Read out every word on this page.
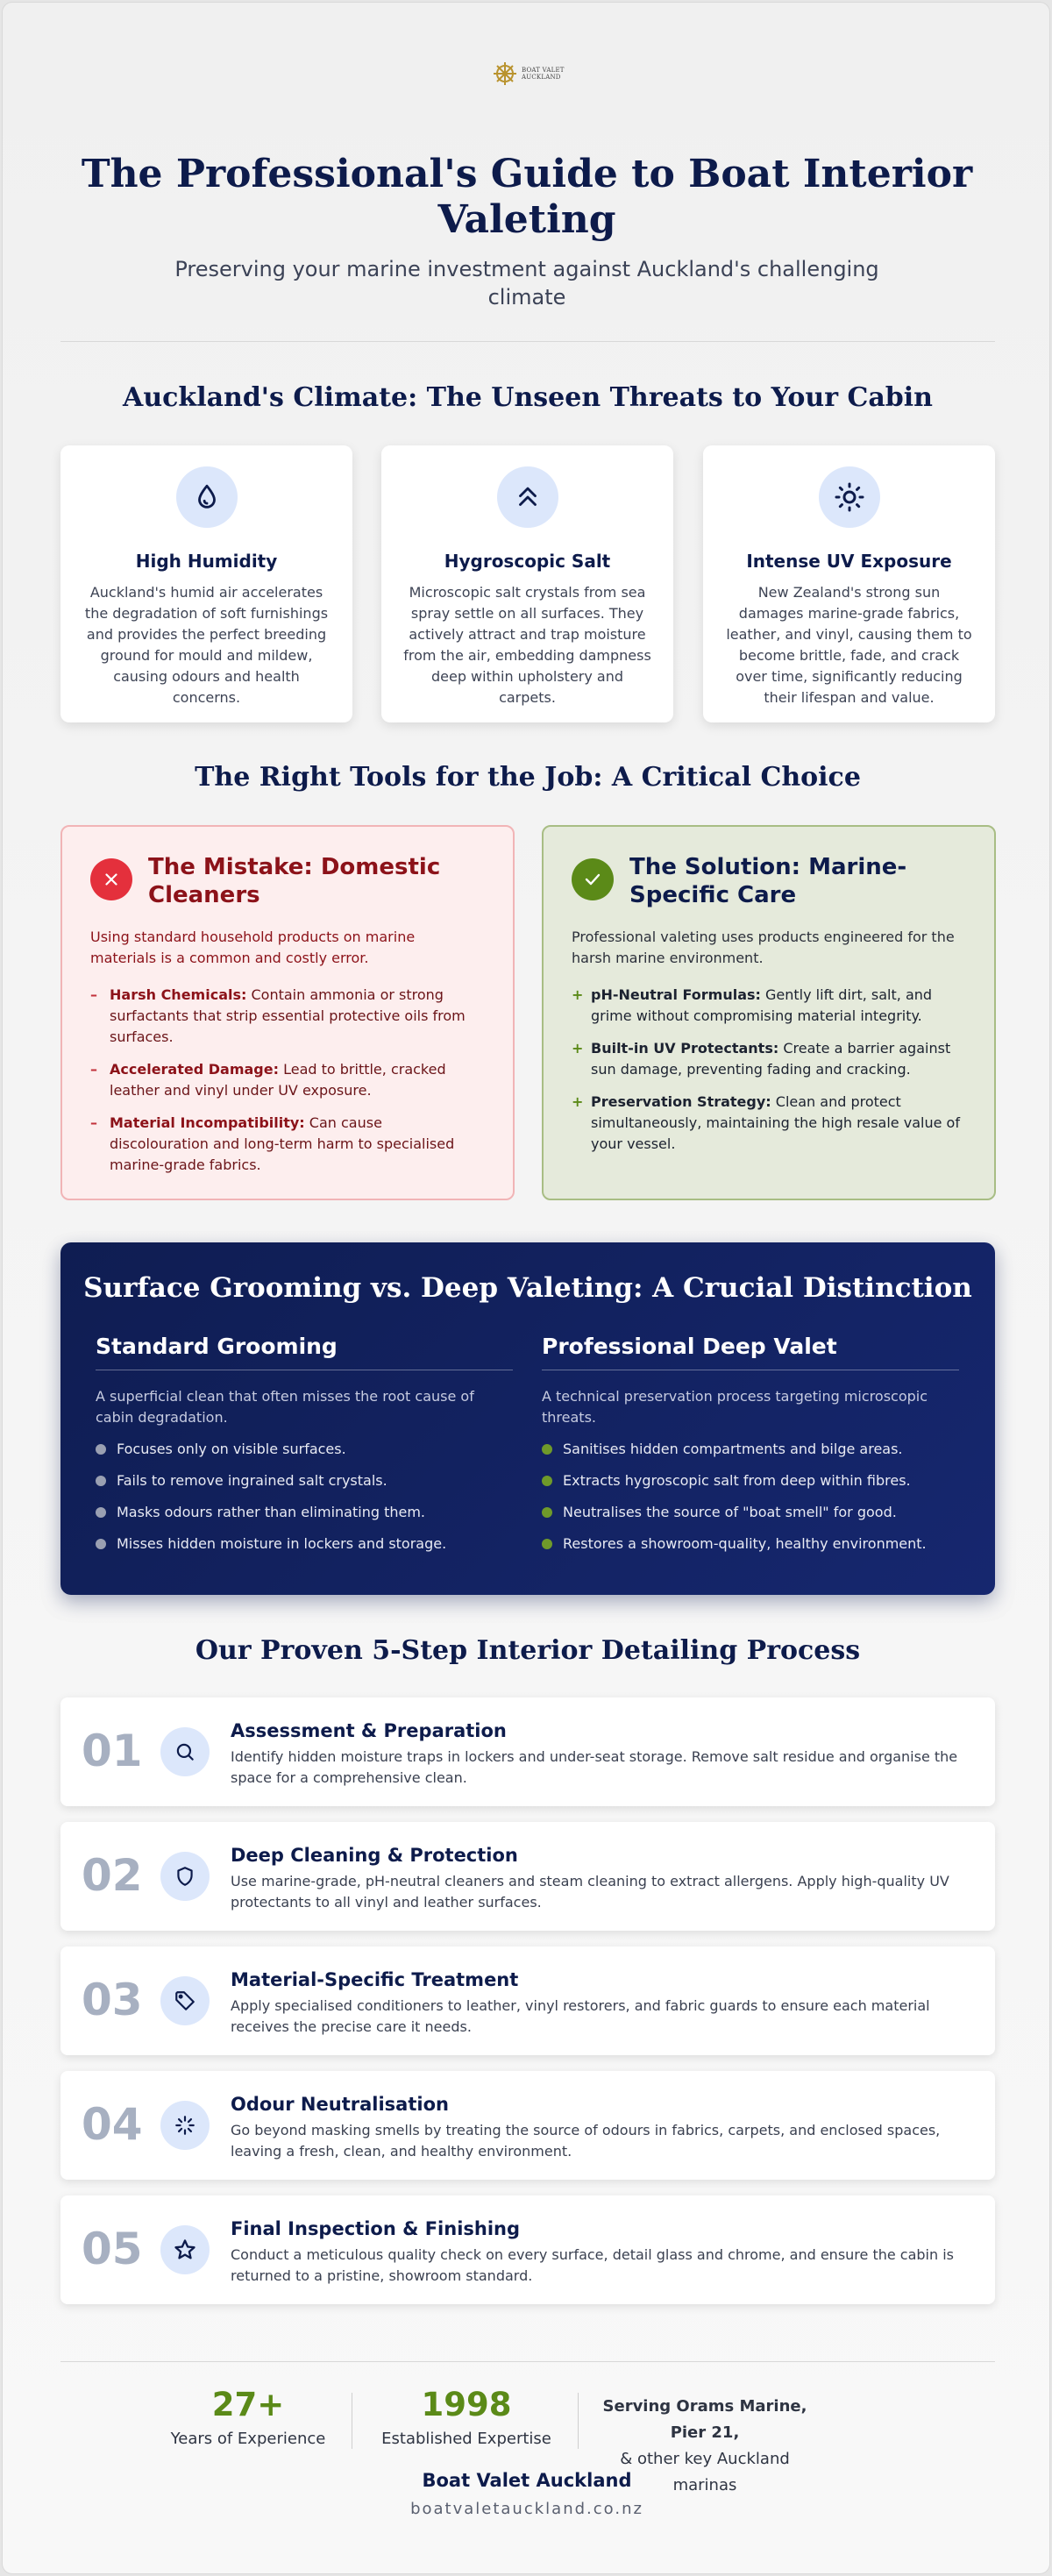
BOAT VALET
AUCKLAND
The Professional's Guide to Boat Interior Valeting
Preserving your marine investment against Auckland's challenging climate
Auckland's Climate: The Unseen Threats to Your Cabin
High Humidity

Auckland's humid air accelerates the degradation of soft furnishings and provides the perfect breeding ground for mould and mildew, causing odours and health concerns.

Hygroscopic Salt

Microscopic salt crystals from sea spray settle on all surfaces. They actively attract and trap moisture from the air, embedding dampness deep within upholstery and carpets.

Intense UV Exposure

New Zealand's strong sun damages marine-grade fabrics, leather, and vinyl, causing them to become brittle, fade, and crack over time, significantly reducing their lifespan and value.

The Right Tools for the Job: A Critical Choice
The Mistake: Domestic Cleaners

Using standard household products on marine materials is a common and costly error.

– Harsh Chemicals: Contain ammonia or strong surfactants that strip essential protective oils from surfaces.
– Accelerated Damage: Lead to brittle, cracked leather and vinyl under UV exposure.
– Material Incompatibility: Can cause discolouration and long-term harm to specialised marine-grade fabrics.
The Solution: Marine-Specific Care

Professional valeting uses products engineered for the harsh marine environment.

+ pH-Neutral Formulas: Gently lift dirt, salt, and grime without compromising material integrity.
+ Built-in UV Protectants: Create a barrier against sun damage, preventing fading and cracking.
+ Preservation Strategy: Clean and protect simultaneously, maintaining the high resale value of your vessel.
Surface Grooming vs. Deep Valeting: A Crucial Distinction
Standard Grooming

A superficial clean that often misses the root cause of cabin degradation.

Focuses only on visible surfaces.
Fails to remove ingrained salt crystals.
Masks odours rather than eliminating them.
Misses hidden moisture in lockers and storage.
Professional Deep Valet

A technical preservation process targeting microscopic threats.

Sanitises hidden compartments and bilge areas.
Extracts hygroscopic salt from deep within fibres.
Neutralises the source of "boat smell" for good.
Restores a showroom-quality, healthy environment.
Our Proven 5-Step Interior Detailing Process
01	Assessment & Preparation
Identify hidden moisture traps in lockers and under-seat storage. Remove salt residue and organise the space for a comprehensive clean.
02	Deep Cleaning & Protection
Use marine-grade, pH-neutral cleaners and steam cleaning to extract allergens. Apply high-quality UV protectants to all vinyl and leather surfaces.
03	Material-Specific Treatment
Apply specialised conditioners to leather, vinyl restorers, and fabric guards to ensure each material receives the precise care it needs.
04	Odour Neutralisation
Go beyond masking smells by treating the source of odours in fabrics, carpets, and enclosed spaces, leaving a fresh, clean, and healthy environment.
05	Final Inspection & Finishing
Conduct a meticulous quality check on every surface, detail glass and chrome, and ensure the cabin is returned to a pristine, showroom standard.
27+
Years of Experience
1998
Established Expertise
Serving Orams Marine, Pier 21,
& other key Auckland marinas
Boat Valet Auckland
boatvaletauckland.co.nz
